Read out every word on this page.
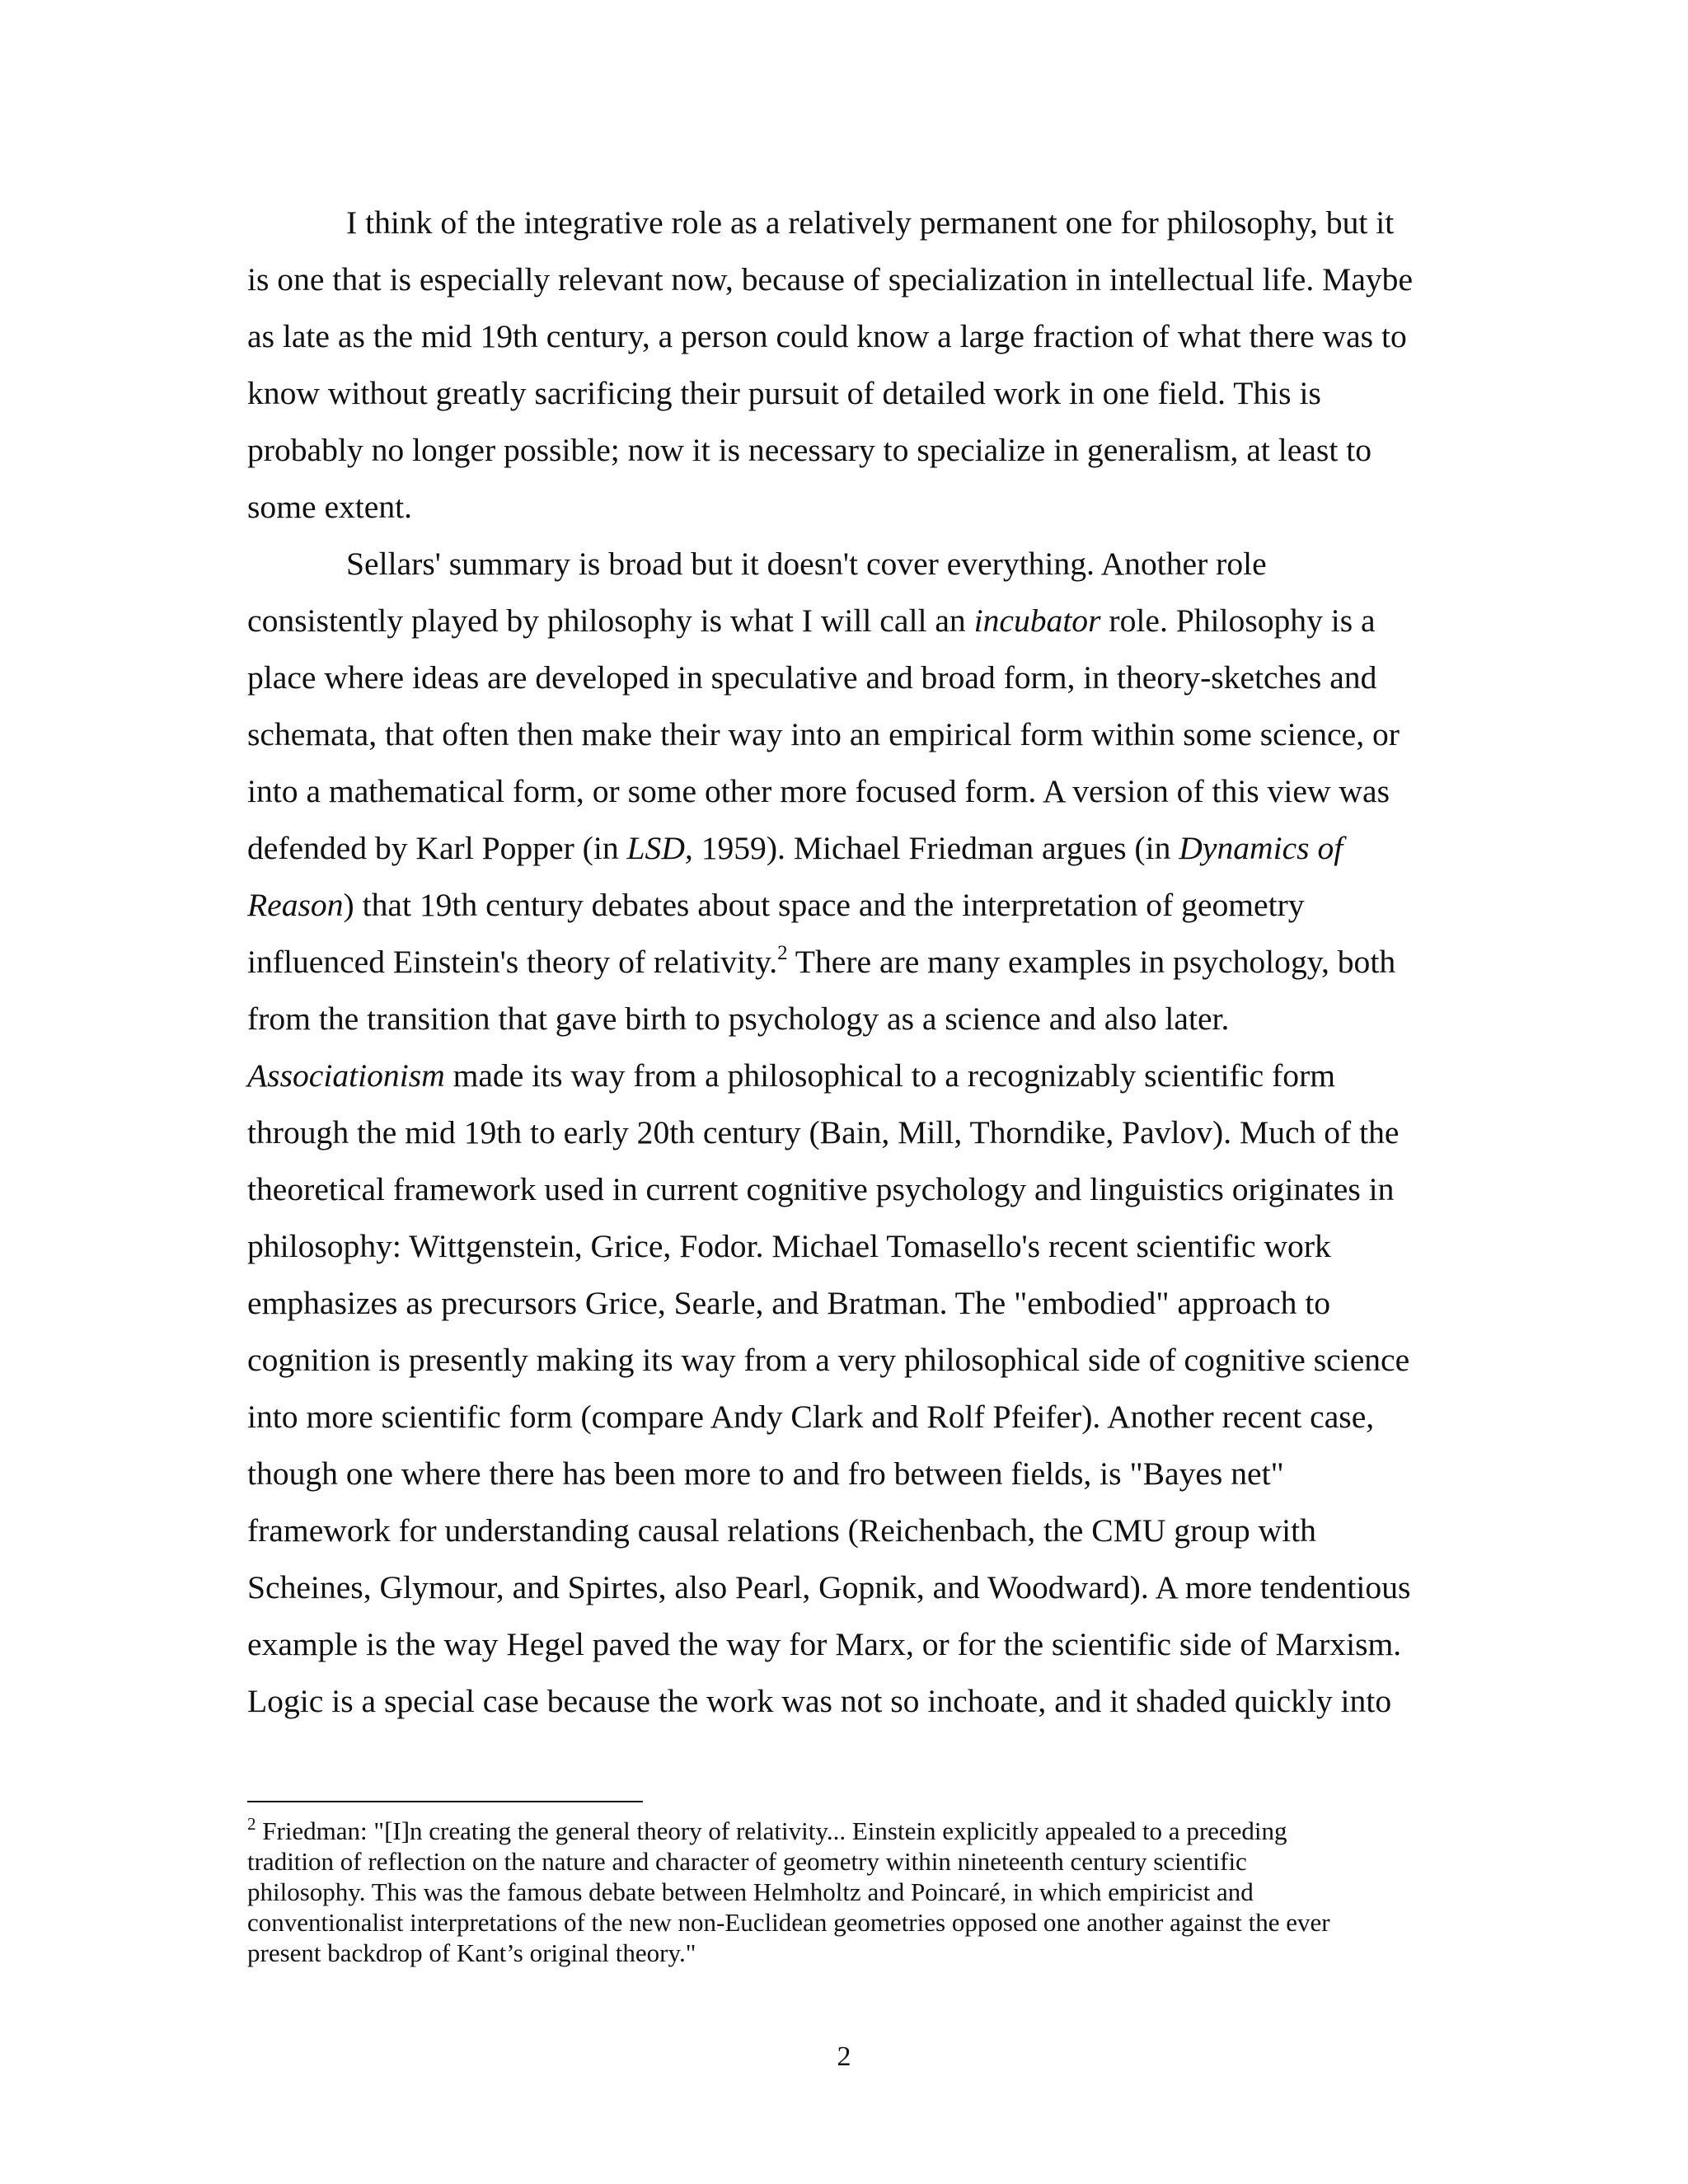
I think of the integrative role as a relatively permanent one for philosophy, but it
is one that is especially relevant now, because of specialization in intellectual life. Maybe
as late as the mid 19th century, a person could know a large fraction of what there was to
know without greatly sacrificing their pursuit of detailed work in one field. This is
probably no longer possible; now it is necessary to specialize in generalism, at least to
some extent.
Sellars' summary is broad but it doesn't cover everything. Another role
consistently played by philosophy is what I will call an incubator role. Philosophy is a
place where ideas are developed in speculative and broad form, in theory-sketches and
schemata, that often then make their way into an empirical form within some science, or
into a mathematical form, or some other more focused form. A version of this view was
defended by Karl Popper (in LSD, 1959). Michael Friedman argues (in Dynamics of
Reason) that 19th century debates about space and the interpretation of geometry
influenced Einstein's theory of relativity.$^2$ There are many examples in psychology, both
from the transition that gave birth to psychology as a science and also later.
Associationism made its way from a philosophical to a recognizably scientific form
through the mid 19th to early 20th century (Bain, Mill, Thorndike, Pavlov). Much of the
theoretical framework used in current cognitive psychology and linguistics originates in
philosophy: Wittgenstein, Grice, Fodor. Michael Tomasello's recent scientific work
emphasizes as precursors Grice, Searle, and Bratman. The "embodied" approach to
cognition is presently making its way from a very philosophical side of cognitive science
into more scientific form (compare Andy Clark and Rolf Pfeifer). Another recent case,
though one where there has been more to and fro between fields, is "Bayes net"
framework for understanding causal relations (Reichenbach, the CMU group with
Scheines, Glymour, and Spirtes, also Pearl, Gopnik, and Woodward). A more tendentious
example is the way Hegel paved the way for Marx, or for the scientific side of Marxism.
Logic is a special case because the work was not so inchoate, and it shaded quickly into
$^2$ Friedman: "[I]n creating the general theory of relativity... Einstein explicitly appealed to a preceding
tradition of reflection on the nature and character of geometry within nineteenth century scientific
philosophy. This was the famous debate between Helmholtz and Poincaré, in which empiricist and
conventionalist interpretations of the new non-Euclidean geometries opposed one another against the ever
present backdrop of Kant’s original theory."
2
